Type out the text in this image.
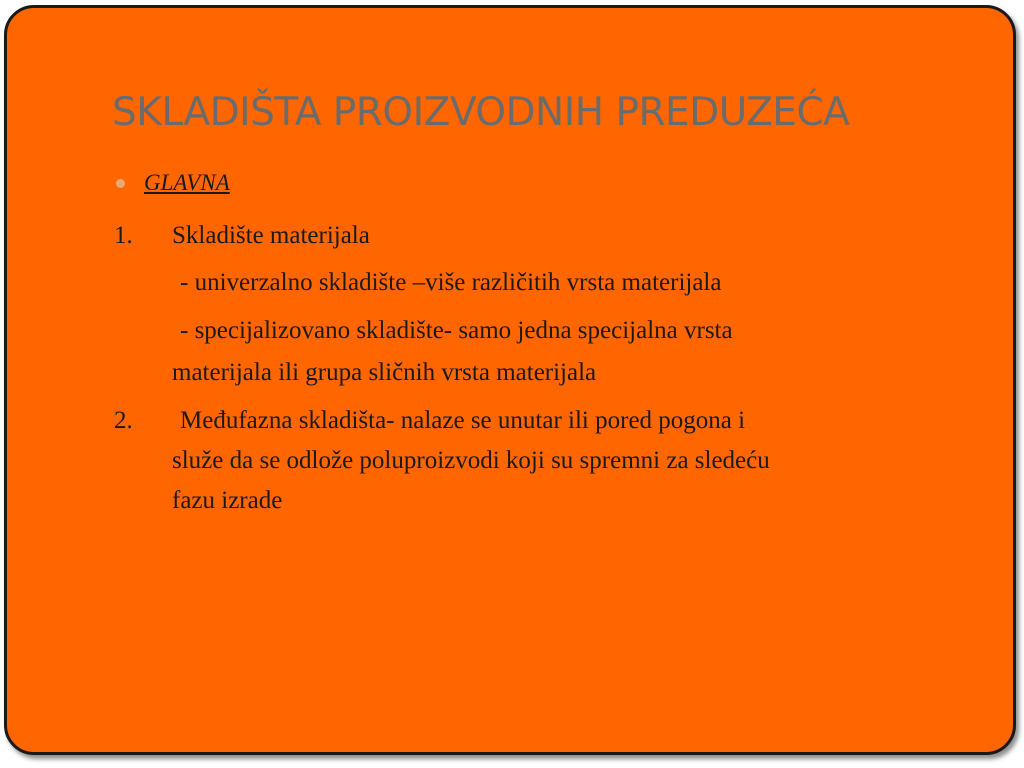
SKLADIŠTA PROIZVODNIH PREDUZEĆA
GLAVNA
1. Skladište materijala
- univerzalno skladište –više različitih vrsta materijala
- specijalizovano skladište- samo jedna specijalna vrsta
materijala ili grupa sličnih vrsta materijala
2. Međufazna skladišta- nalaze se unutar ili pored pogona i
služe da se odlože poluproizvodi koji su spremni za sledeću
fazu izrade
